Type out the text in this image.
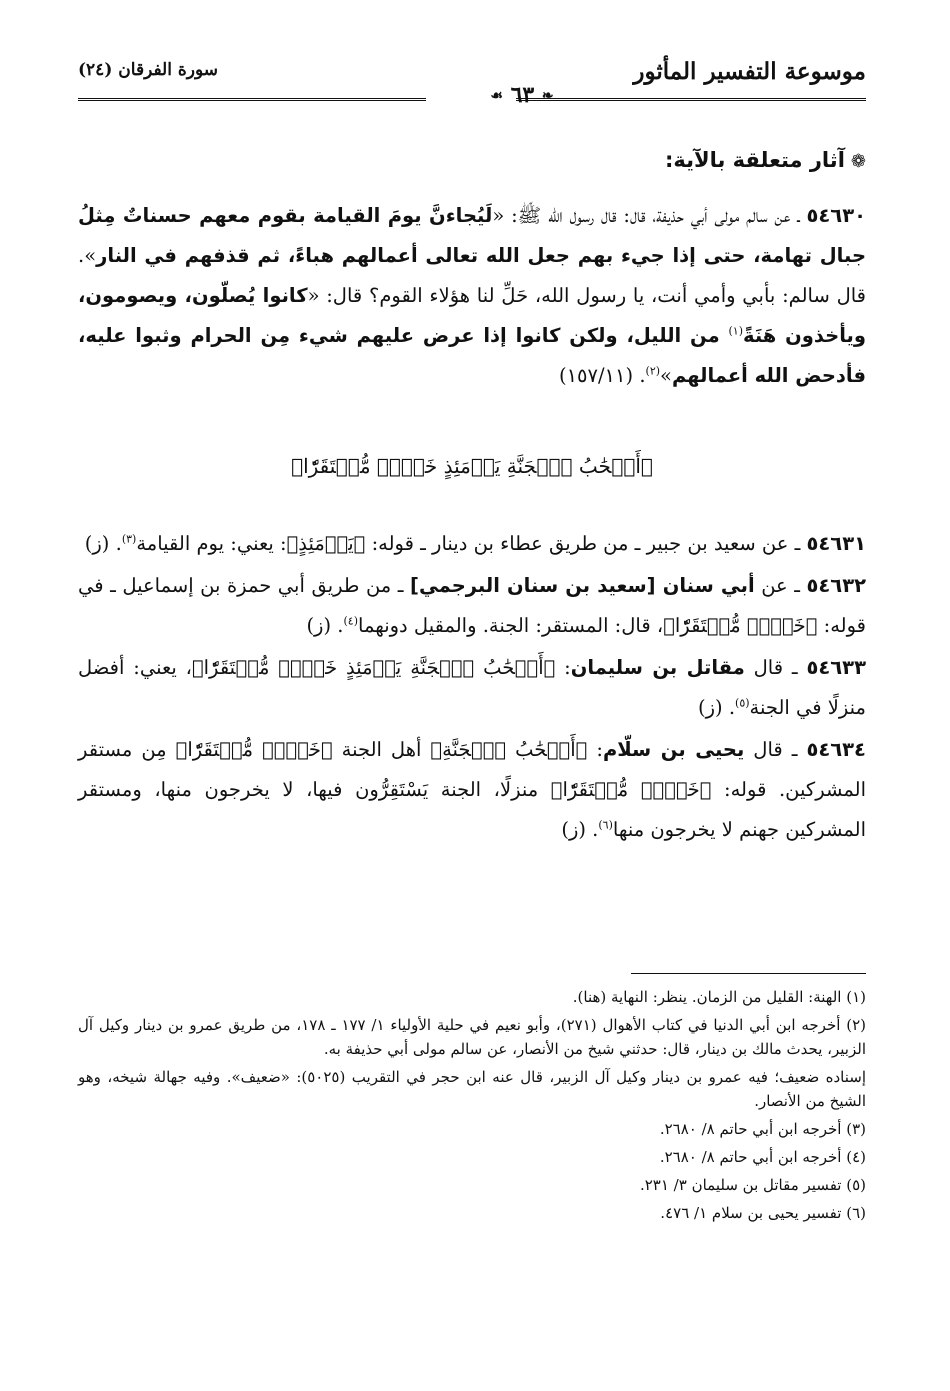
موسوعة التفسير المأثور
سورة الفرقان (٢٤)
❧ ٦٣ ☙
❁آثار متعلقة بالآية:

٥٤٦٣٠ ـ عن سالم مولى أبي حذيفة، قال: قال رسول الله ﷺ: «لَيُجاءنَّ يومَ القيامة بقوم معهم حسناتٌ مِثلُ جبال تهامة، حتى إذا جيء بهم جعل الله تعالى أعمالهم هباءً، ثم قذفهم في النار». قال سالم: بأبي وأمي أنت، يا رسول الله، حَلِّ لنا هؤلاء القوم؟ قال: «كانوا يُصلّون، ويصومون، ويأخذون هَنَةً$^{(١)}$ من الليل، ولكن كانوا إذا عرض عليهم شيء مِن الحرام وثبوا عليه، فأدحض الله أعمالهم»$^{(٢)}$. (١٥٧/١١)

﴿أَصۡحَٰبُ ٱلۡجَنَّةِ يَوۡمَئِذٍ خَيۡرٞ مُّسۡتَقَرّٗا﴾

٥٤٦٣١ ـ عن سعيد بن جبير ـ من طريق عطاء بن دينار ـ قوله: ﴿يَوۡمَئِذٍ﴾: يعني: يوم القيامة$^{(٣)}$. (ز)

٥٤٦٣٢ ـ عن أبي سنان [سعيد بن سنان البرجمي] ـ من طريق أبي حمزة بن إسماعيل ـ في قوله: ﴿خَيۡرٞ مُّسۡتَقَرّٗا﴾، قال: المستقر: الجنة. والمقيل دونهما$^{(٤)}$. (ز)

٥٤٦٣٣ ـ قال مقاتل بن سليمان: ﴿أَصۡحَٰبُ ٱلۡجَنَّةِ يَوۡمَئِذٍ خَيۡرٞ مُّسۡتَقَرّٗا﴾، يعني: أفضل منزلًا في الجنة$^{(٥)}$. (ز)

٥٤٦٣٤ ـ قال يحيى بن سلّام: ﴿أَصۡحَٰبُ ٱلۡجَنَّةِ﴾ أهل الجنة ﴿خَيۡرٞ مُّسۡتَقَرّٗا﴾ مِن مستقر المشركين. قوله: ﴿خَيۡرٞ مُّسۡتَقَرّٗا﴾ منزلًا، الجنة يَسْتَقِرُّون فيها، لا يخرجون منها، ومستقر المشركين جهنم لا يخرجون منها$^{(٦)}$. (ز)

(١) الهنة: القليل من الزمان. ينظر: النهاية (هنا).
(٢) أخرجه ابن أبي الدنيا في كتاب الأهوال (٢٧١)، وأبو نعيم في حلية الأولياء ١/ ١٧٧ ـ ١٧٨، من طريق عمرو بن دينار وكيل آل الزبير، يحدث مالك بن دينار، قال: حدثني شيخ من الأنصار، عن سالم مولى أبي حذيفة به.
إسناده ضعيف؛ فيه عمرو بن دينار وكيل آل الزبير، قال عنه ابن حجر في التقريب (٥٠٢٥): «ضعيف». وفيه جهالة شيخه، وهو الشيخ من الأنصار.
(٣) أخرجه ابن أبي حاتم ٨/ ٢٦٨٠.
(٤) أخرجه ابن أبي حاتم ٨/ ٢٦٨٠.
(٥) تفسير مقاتل بن سليمان ٣/ ٢٣١.
(٦) تفسير يحيى بن سلام ١/ ٤٧٦.
